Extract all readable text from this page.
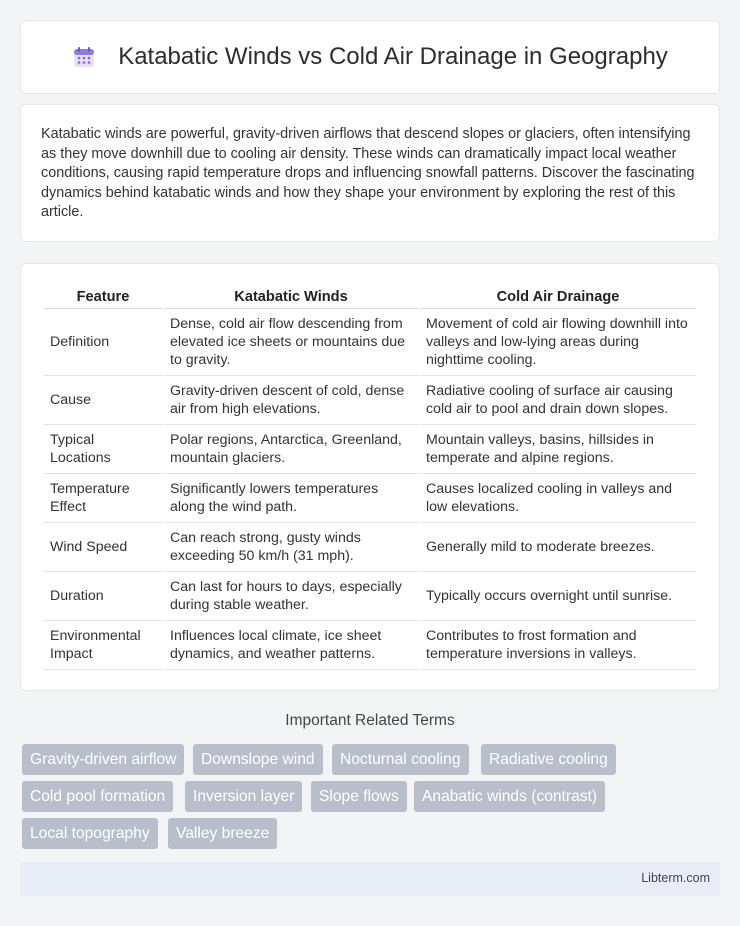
Katabatic Winds vs Cold Air Drainage in Geography

Katabatic winds are powerful, gravity-driven airflows that descend slopes or glaciers, often intensifying as they move downhill due to cooling air density. These winds can dramatically impact local weather conditions, causing rapid temperature drops and influencing snowfall patterns. Discover the fascinating dynamics behind katabatic winds and how they shape your environment by exploring the rest of this article.

Feature	Katabatic Winds	Cold Air Drainage
Definition	Dense, cold air flow descending from elevated ice sheets or mountains due to gravity.	Movement of cold air flowing downhill into valleys and low-lying areas during nighttime cooling.
Cause	Gravity-driven descent of cold, dense air from high elevations.	Radiative cooling of surface air causing cold air to pool and drain down slopes.
Typical Locations	Polar regions, Antarctica, Greenland, mountain glaciers.	Mountain valleys, basins, hillsides in temperate and alpine regions.
Temperature Effect	Significantly lowers temperatures along the wind path.	Causes localized cooling in valleys and low elevations.
Wind Speed	Can reach strong, gusty winds exceeding 50 km/h (31 mph).	Generally mild to moderate breezes.
Duration	Can last for hours to days, especially during stable weather.	Typically occurs overnight until sunrise.
Environmental Impact	Influences local climate, ice sheet dynamics, and weather patterns.	Contributes to frost formation and temperature inversions in valleys.
Important Related Terms
Gravity-driven airflow	Downslope wind	Nocturnal cooling	Radiative cooling
Cold pool formation	Inversion layer	Slope flows	Anabatic winds (contrast)
Local topography	Valley breeze
Libterm.com
